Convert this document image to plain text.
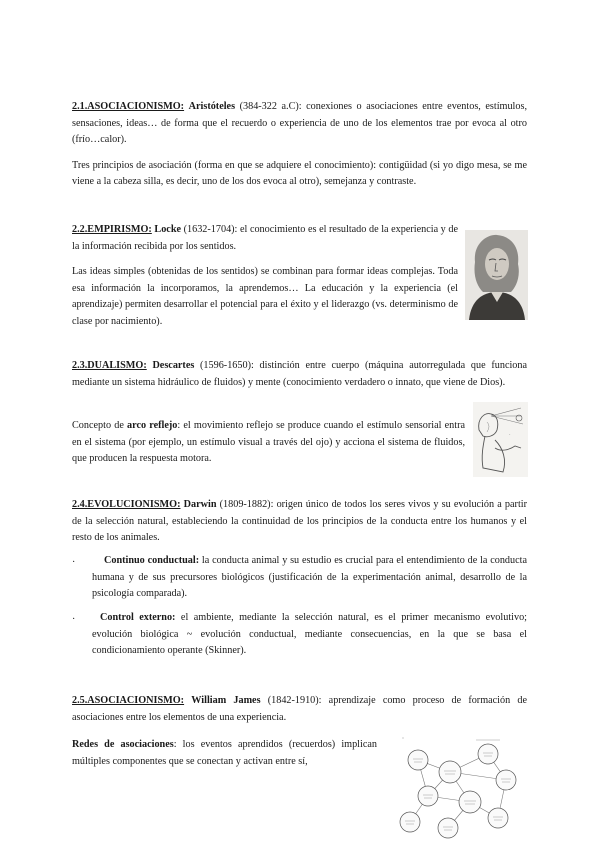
2.1.ASOCIACIONISMO: Aristóteles (384-322 a.C): conexiones o asociaciones entre eventos, estímulos, sensaciones, ideas… de forma que el recuerdo o experiencia de uno de los elementos trae por evoca al otro (frío…calor).

Tres principios de asociación (forma en que se adquiere el conocimiento): contigüidad (si yo digo mesa, se me viene a la cabeza silla, es decir, uno de los dos evoca al otro), semejanza y contraste.

2.2.EMPIRISMO: Locke (1632-1704): el conocimiento es el resultado de la experiencia y de la información recibida por los sentidos.

Las ideas simples (obtenidas de los sentidos) se combinan para formar ideas complejas. Toda esa información la incorporamos, la aprendemos… La educación y la experiencia (el aprendizaje) permiten desarrollar el potencial para el éxito y el liderazgo (vs. determinismo de clase por nacimiento).

2.3.DUALISMO: Descartes (1596-1650): distinción entre cuerpo (máquina autorregulada que funciona mediante un sistema hidráulico de fluidos) y mente (conocimiento verdadero o innato, que viene de Dios).

Concepto de arco reflejo: el movimiento reflejo se produce cuando el estímulo sensorial entra en el sistema (por ejemplo, un estímulo visual a través del ojo) y acciona el sistema de fluidos, que producen la respuesta motora.

·

2.4.EVOLUCIONISMO: Darwin (1809-1882): origen único de todos los seres vivos y su evolución a partir de la selección natural, estableciendo la continuidad de los principios de la conducta entre los humanos y el resto de los animales.

·	Continuo conductual: la conducta animal y su estudio es crucial para el entendimiento de la conducta humana y de sus precursores biológicos (justificación de la experimentación animal, desarrollo de la psicología comparada).

·	Control externo: el ambiente, mediante la selección natural, es el primer mecanismo evolutivo; evolución biológica ~ evolución conductual, mediante consecuencias, en la que se basa el condicionamiento operante (Skinner).

2.5.ASOCIACIONISMO: William James (1842-1910): aprendizaje como proceso de formación de asociaciones entre los elementos de una experiencia.

Redes de asociaciones: los eventos aprendidos (recuerdos) implican múltiples componentes que se conectan y activan entre sí,
